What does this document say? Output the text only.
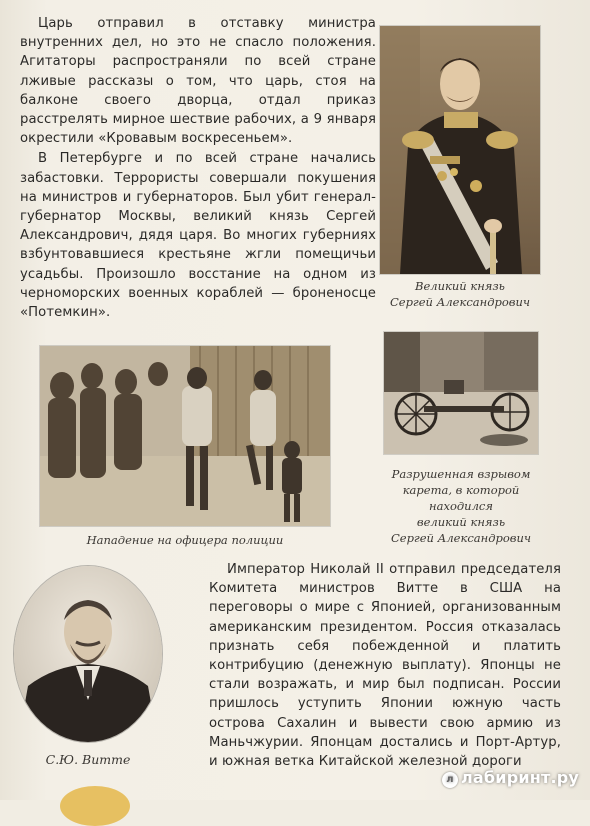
Царь отправил в отставку министра внутренних дел, но это не спасло положения. Агитаторы распространяли по всей стране лживые рассказы о том, что царь, стоя на балконе своего дворца, отдал приказ расстрелять мирное шествие рабочих, а 9 января окрестили «Кровавым воскресеньем».

В Петербурге и по всей стране начались забастовки. Террористы совершали покушения на министров и губернаторов. Был убит генерал-губернатор Москвы, великий князь Сергей Александрович, дядя царя. Во многих губерниях взбунтовавшиеся крестьяне жгли помещичьи усадьбы. Произошло восстание на одном из черноморских военных кораблей — броненосце «Потемкин».

Великий князь
Сергей Александрович
Нападение на офицера полиции
Разрушенная взрывом
карета, в которой
находился
великий князь
Сергей Александрович
С.Ю. Витте

Император Николай II отправил председателя Комитета министров Витте в США на переговоры о мире с Японией, организованным американским президентом. Россия отказалась признать себя побежденной и платить контрибуцию (денежную выплату). Японцы не стали возражать, и мир был подписан. России пришлось уступить Японии южную часть острова Сахалин и вывести свою армию из Маньчжурии. Японцам достались и Порт-Артур, и южная ветка Китайской железной дороги

л лабиринт.ру
